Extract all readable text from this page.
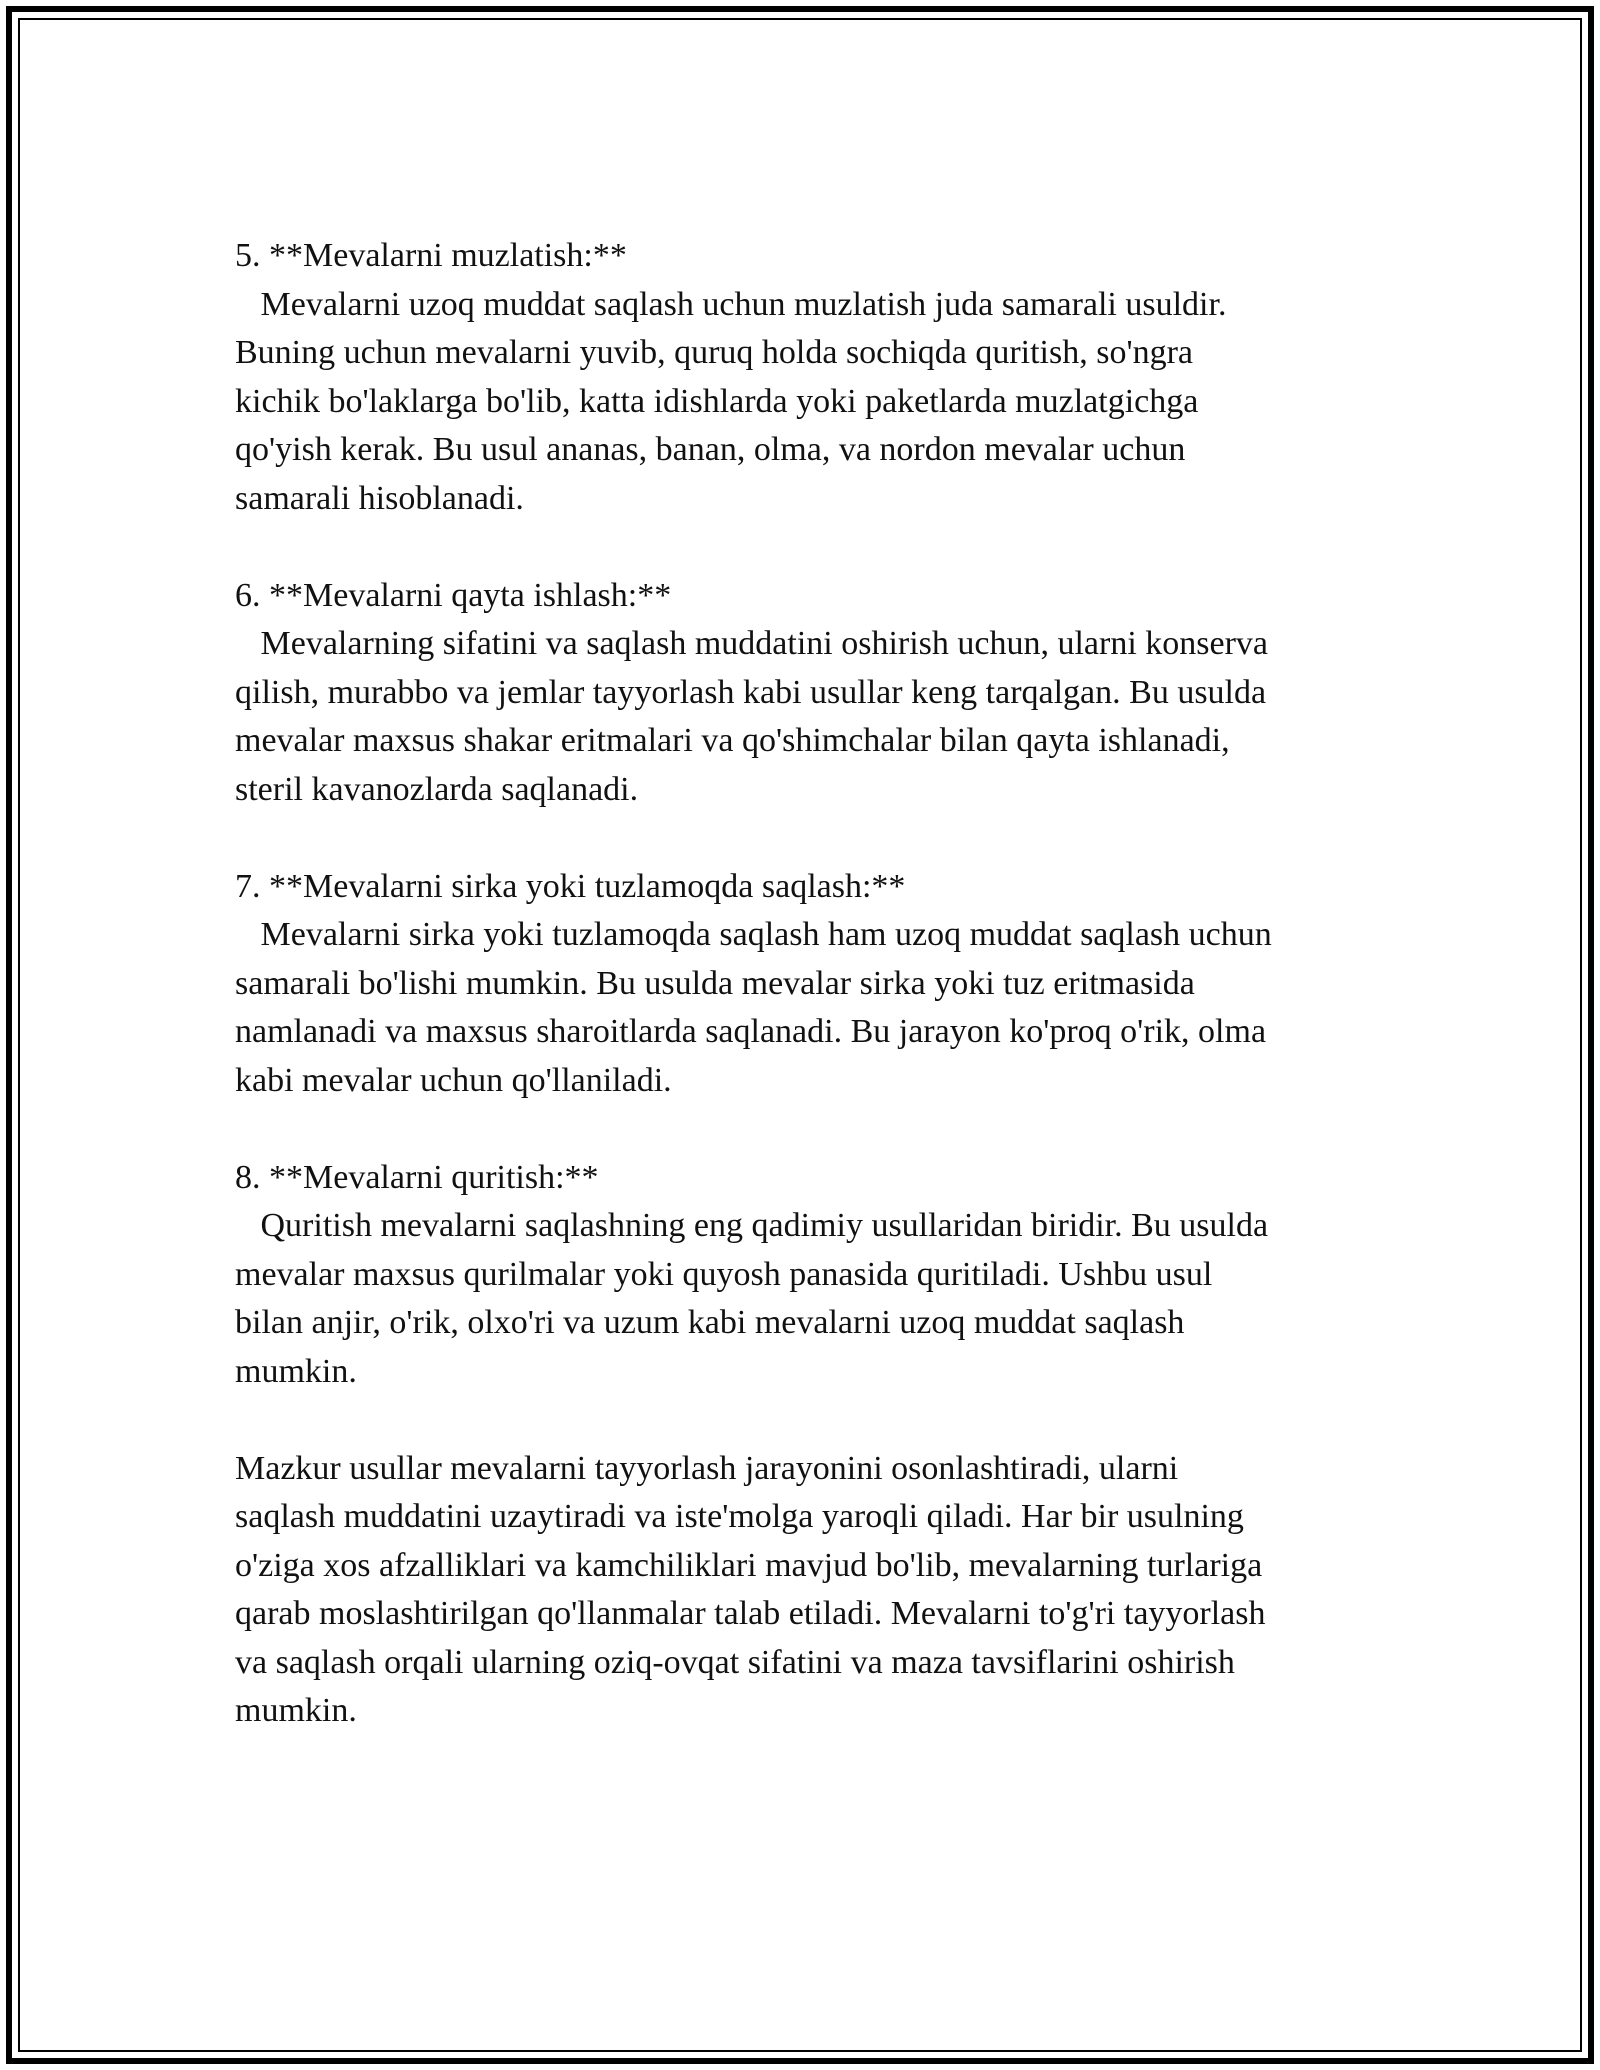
5. **Mevalarni muzlatish:**

Mevalarni uzoq muddat saqlash uchun muzlatish juda samarali usuldir.

Buning uchun mevalarni yuvib, quruq holda sochiqda quritish, so'ngra

kichik bo'laklarga bo'lib, katta idishlarda yoki paketlarda muzlatgichga

qo'yish kerak. Bu usul ananas, banan, olma, va nordon mevalar uchun

samarali hisoblanadi.

6. **Mevalarni qayta ishlash:**

Mevalarning sifatini va saqlash muddatini oshirish uchun, ularni konserva

qilish, murabbo va jemlar tayyorlash kabi usullar keng tarqalgan. Bu usulda

mevalar maxsus shakar eritmalari va qo'shimchalar bilan qayta ishlanadi,

steril kavanozlarda saqlanadi.

7. **Mevalarni sirka yoki tuzlamoqda saqlash:**

Mevalarni sirka yoki tuzlamoqda saqlash ham uzoq muddat saqlash uchun

samarali bo'lishi mumkin. Bu usulda mevalar sirka yoki tuz eritmasida

namlanadi va maxsus sharoitlarda saqlanadi. Bu jarayon ko'proq o'rik, olma

kabi mevalar uchun qo'llaniladi.

8. **Mevalarni quritish:**

Quritish mevalarni saqlashning eng qadimiy usullaridan biridir. Bu usulda

mevalar maxsus qurilmalar yoki quyosh panasida quritiladi. Ushbu usul

bilan anjir, o'rik, olxo'ri va uzum kabi mevalarni uzoq muddat saqlash

mumkin.

Mazkur usullar mevalarni tayyorlash jarayonini osonlashtiradi, ularni

saqlash muddatini uzaytiradi va iste'molga yaroqli qiladi. Har bir usulning

o'ziga xos afzalliklari va kamchiliklari mavjud bo'lib, mevalarning turlariga

qarab moslashtirilgan qo'llanmalar talab etiladi. Mevalarni to'g'ri tayyorlash

va saqlash orqali ularning oziq-ovqat sifatini va maza tavsiflarini oshirish

mumkin.
